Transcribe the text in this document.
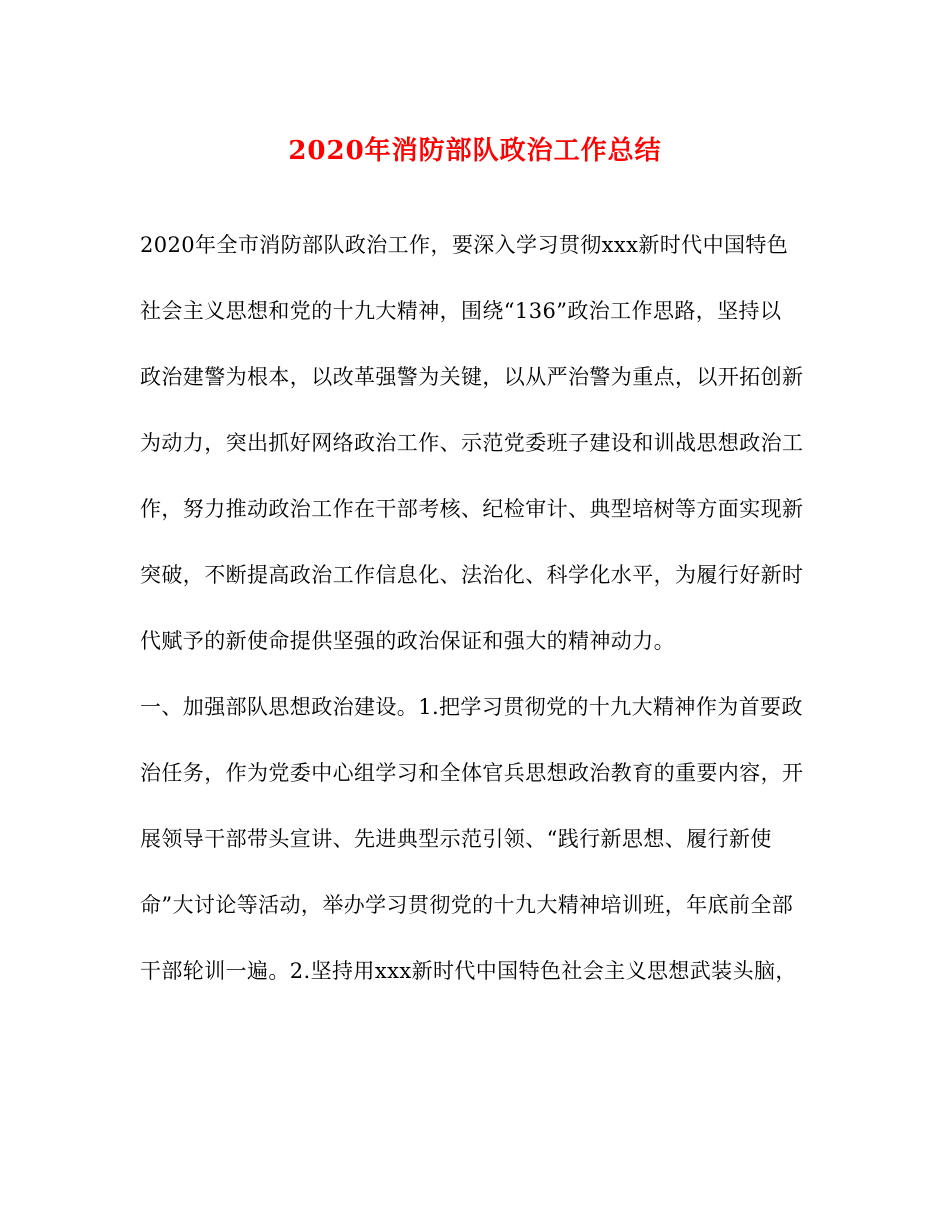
2020年消防部队政治工作总结
2020年全市消防部队政治工作，要深入学习贯彻xxx新时代中国特色
社会主义思想和党的十九大精神，围绕“136”政治工作思路，坚持以
政治建警为根本，以改革强警为关键，以从严治警为重点，以开拓创新
为动力，突出抓好网络政治工作、示范党委班子建设和训战思想政治工
作，努力推动政治工作在干部考核、纪检审计、典型培树等方面实现新
突破，不断提高政治工作信息化、法治化、科学化水平，为履行好新时
代赋予的新使命提供坚强的政治保证和强大的精神动力。
一、加强部队思想政治建设。1.把学习贯彻党的十九大精神作为首要政
治任务，作为党委中心组学习和全体官兵思想政治教育的重要内容，开
展领导干部带头宣讲、先进典型示范引领、“践行新思想、履行新使
命”大讨论等活动，举办学习贯彻党的十九大精神培训班，年底前全部
干部轮训一遍。2.坚持用xxx新时代中国特色社会主义思想武装头脑，
